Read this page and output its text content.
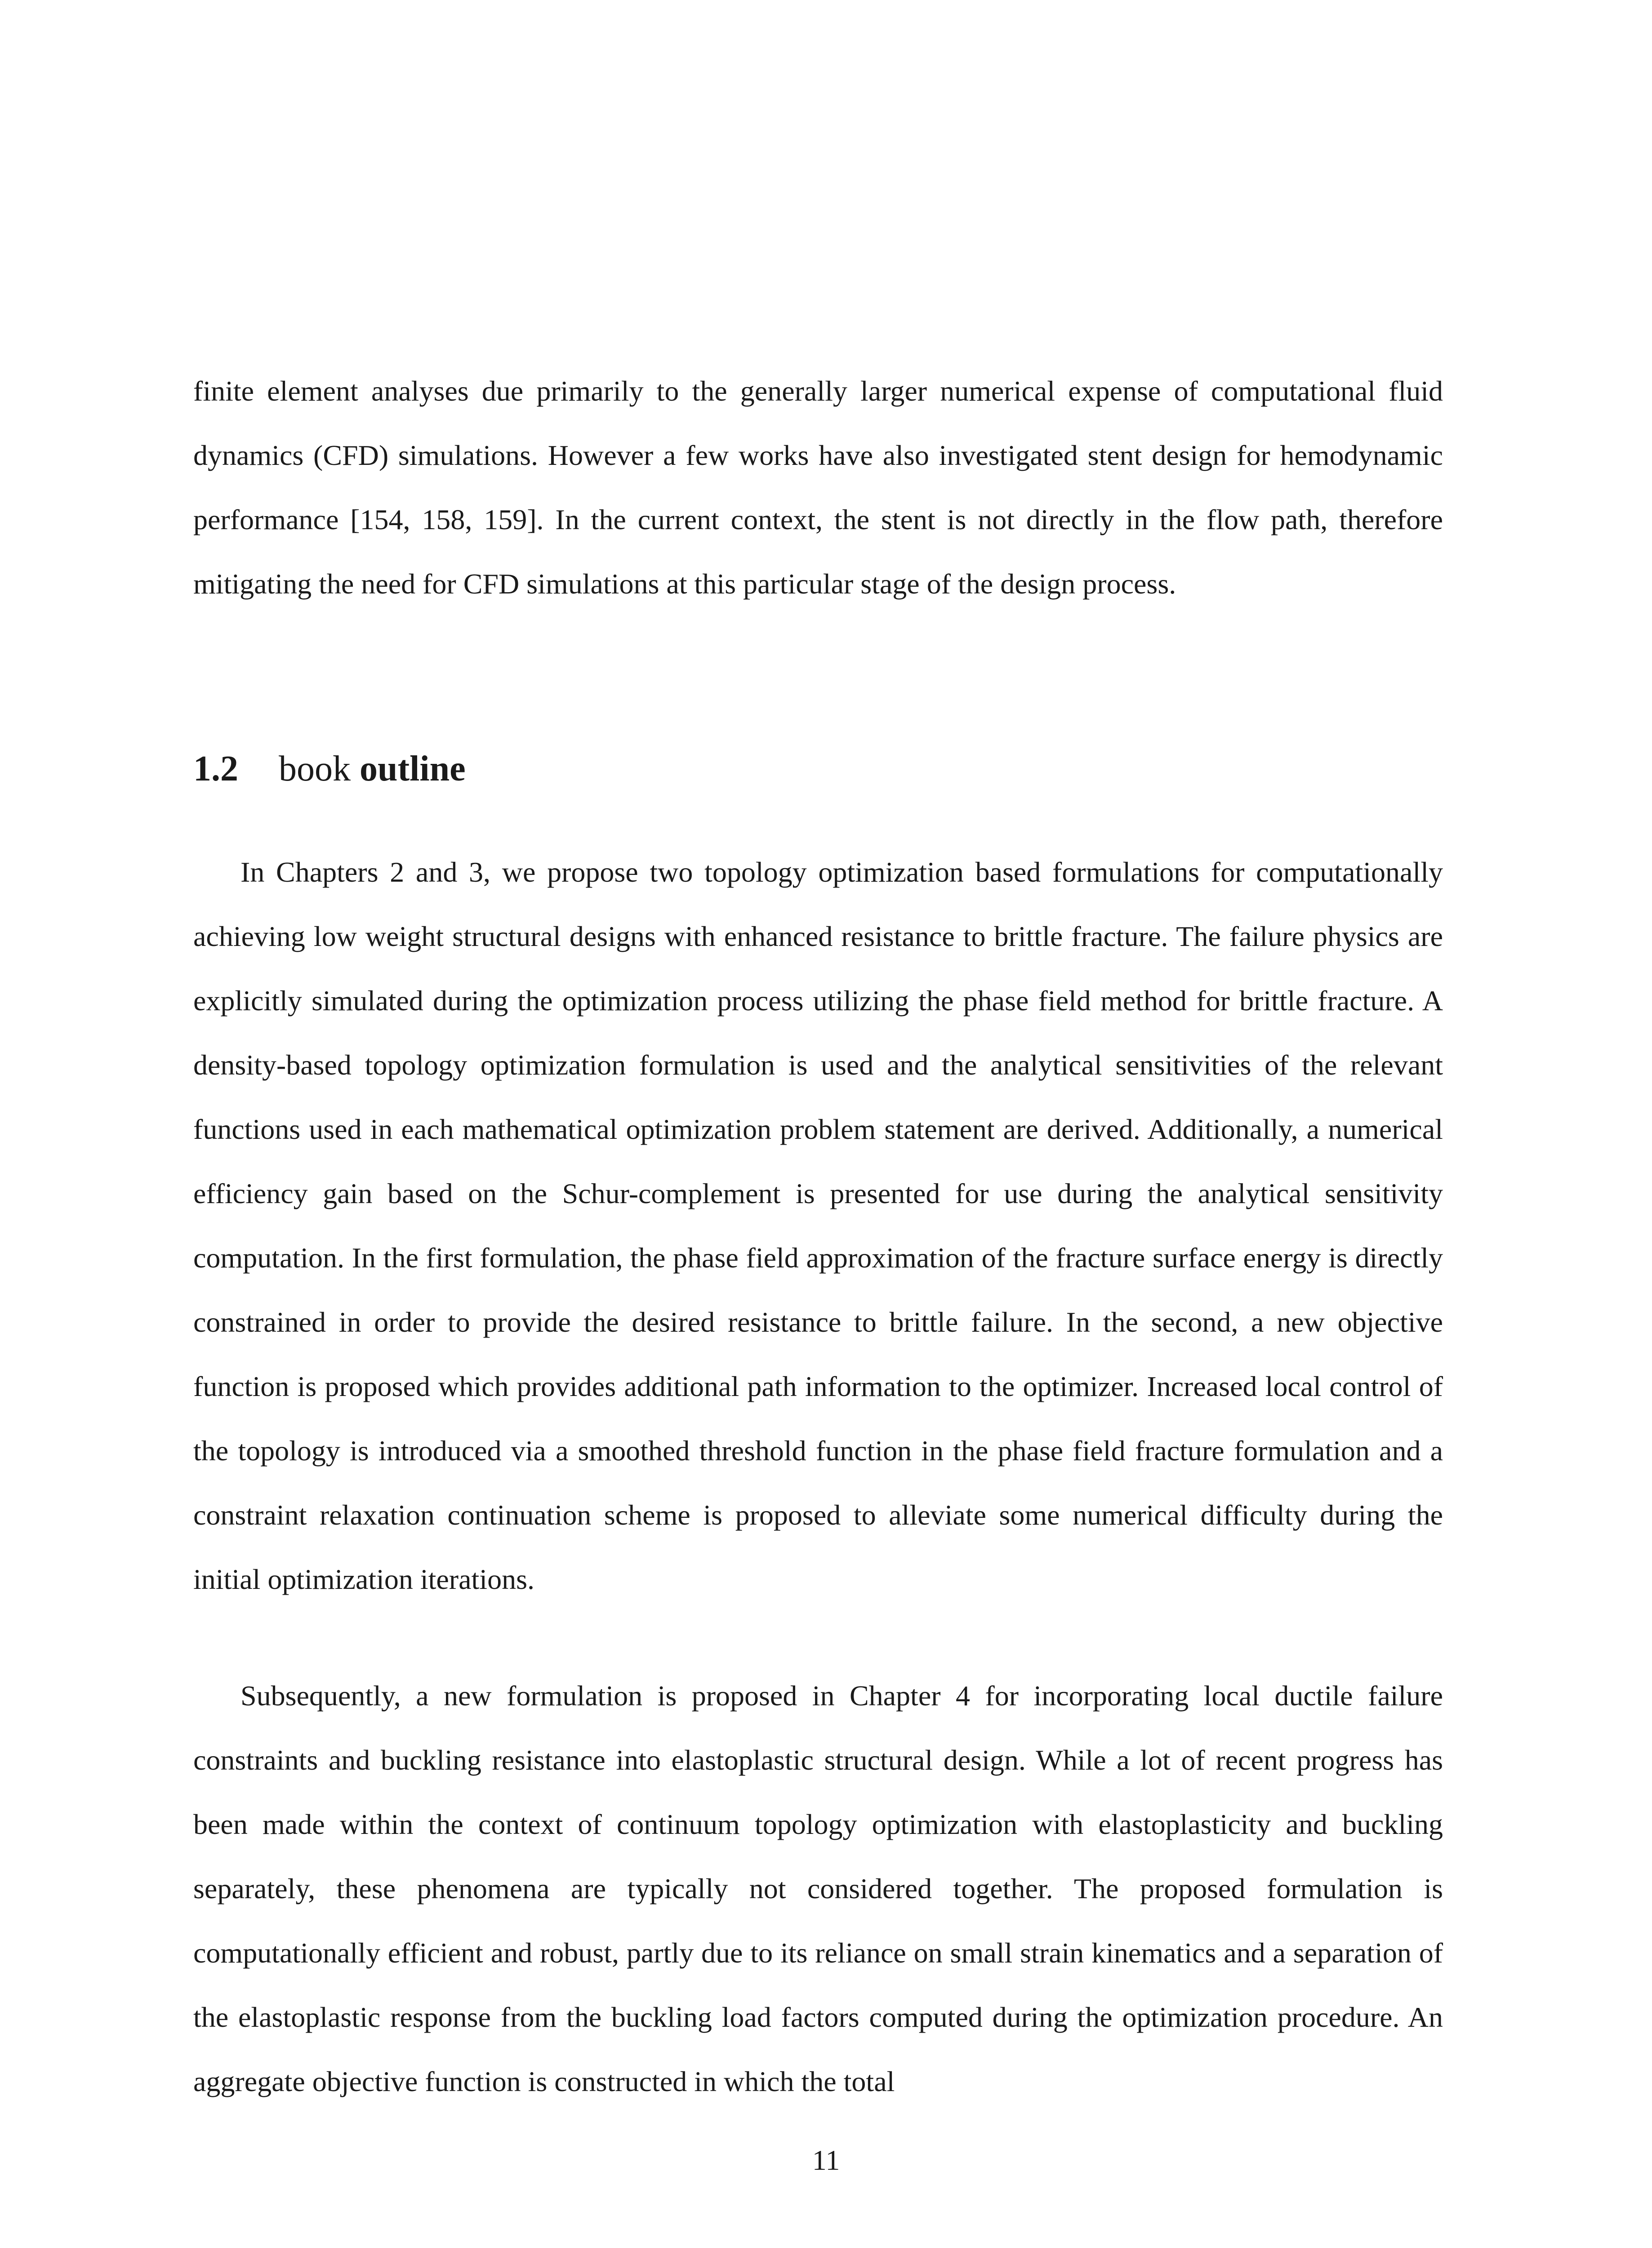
finite element analyses due primarily to the generally larger numerical expense of computational fluid dynamics (CFD) simulations. However a few works have also investigated stent design for hemodynamic performance [154, 158, 159]. In the current context, the stent is not directly in the flow path, therefore mitigating the need for CFD simulations at this particular stage of the design process.

1.2 book outline

In Chapters 2 and 3, we propose two topology optimization based formulations for computationally achieving low weight structural designs with enhanced resistance to brittle fracture. The failure physics are explicitly simulated during the optimization process utilizing the phase field method for brittle fracture. A density-based topology optimization formulation is used and the analytical sensitivities of the relevant functions used in each mathematical optimization problem statement are derived. Additionally, a numerical efficiency gain based on the Schur-complement is presented for use during the analytical sensitivity computation. In the first formulation, the phase field approximation of the fracture surface energy is directly constrained in order to provide the desired resistance to brittle failure. In the second, a new objective function is proposed which provides additional path information to the optimizer. Increased local control of the topology is introduced via a smoothed threshold function in the phase field fracture formulation and a constraint relaxation continuation scheme is proposed to alleviate some numerical difficulty during the initial optimization iterations.

Subsequently, a new formulation is proposed in Chapter 4 for incorporating local ductile failure constraints and buckling resistance into elastoplastic structural design. While a lot of recent progress has been made within the context of continuum topology optimization with elastoplasticity and buckling separately, these phenomena are typically not considered together. The proposed formulation is computationally efficient and robust, partly due to its reliance on small strain kinematics and a separation of the elastoplastic response from the buckling load factors computed during the optimization procedure. An aggregate objective function is constructed in which the total

11
